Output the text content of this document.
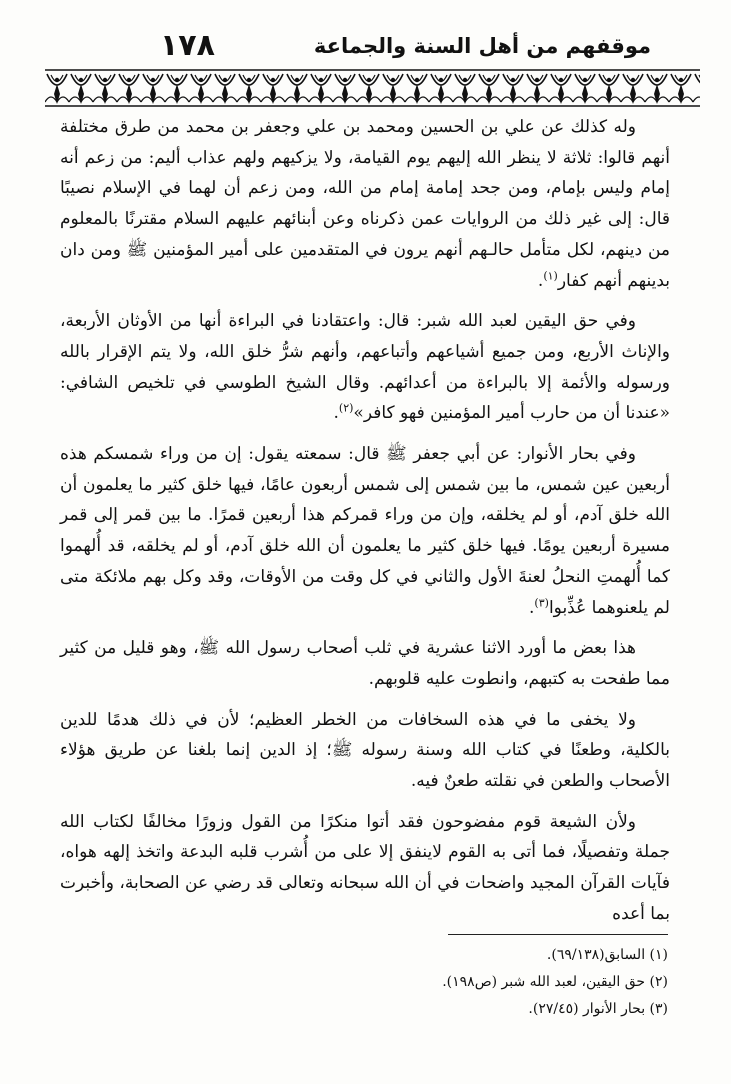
١٧٨	موقفهم من أهل السنة والجماعة

وله كذلك عن علي بن الحسين ومحمد بن علي وجعفر بن محمد من طرق مختلفة أنهم قالوا: ثلاثة لا ينظر الله إليهم يوم القيامة، ولا يزكيهم ولهم عذاب أليم: من زعم أنه إمام وليس بإمام، ومن جحد إمامة إمام من الله، ومن زعم أن لهما في الإسلام نصيبًا قال: إلى غير ذلك من الروايات عمن ذكرناه وعن أبنائهم عليهم السلام مقترنًا بالمعلوم من دينهم، لكل متأمل حالـهم أنهم يرون في المتقدمين على أمير المؤمنين ﷺ ومن دان بدينهم أنهم كفار$^{(١)}$.

وفي حق اليقين لعبد الله شبر: قال: واعتقادنا في البراءة أنها من الأوثان الأربعة، والإناث الأربع، ومن جميع أشياعهم وأتباعهم، وأنهم شرُّ خلق الله، ولا يتم الإقرار بالله ورسوله والأئمة إلا بالبراءة من أعدائهم. وقال الشيخ الطوسي في تلخيص الشافي: «عندنا أن من حارب أمير المؤمنين فهو كافر»$^{(٢)}$.

وفي بحار الأنوار: عن أبي جعفر ﷺ قال: سمعته يقول: إن من وراء شمسكم هذه أربعين عين شمس، ما بين شمس إلى شمس أربعون عامًا، فيها خلق كثير ما يعلمون أن الله خلق آدم، أو لم يخلقه، وإن من وراء قمركم هذا أربعين قمرًا. ما بين قمر إلى قمر مسيرة أربعين يومًا. فيها خلق كثير ما يعلمون أن الله خلق آدم، أو لم يخلقه، قد أُلهموا كما أُلهمتِ النحلُ لعنةَ الأول والثاني في كل وقت من الأوقات، وقد وكل بهم ملائكة متى لم يلعنوهما عُذِّبوا$^{(٣)}$.

هذا بعض ما أورد الاثنا عشرية في ثلب أصحاب رسول الله ﷺ، وهو قليل من كثير مما طفحت به كتبهم، وانطوت عليه قلوبهم.

ولا يخفى ما في هذه السخافات من الخطر العظيم؛ لأن في ذلك هدمًا للدين بالكلية، وطعنًا في كتاب الله وسنة رسوله ﷺ؛ إذ الدين إنما بلغنا عن طريق هؤلاء الأصحاب والطعن في نقلته طعنٌ فيه.

ولأن الشيعة قوم مفضوحون فقد أتوا منكرًا من القول وزورًا مخالفًا لكتاب الله جملة وتفصيلًا، فما أتى به القوم لاينفق إلا على من أُشرب قلبه البدعة واتخذ إلهه هواه، فآيات القرآن المجيد واضحات في أن الله سبحانه وتعالى قد رضي عن الصحابة، وأخبرت بما أعده

(١) السابق(٦٩/١٣٨).
(٢) حق اليقين، لعبد الله شبر (ص١٩٨).
(٣) بحار الأنوار (٢٧/٤٥).
